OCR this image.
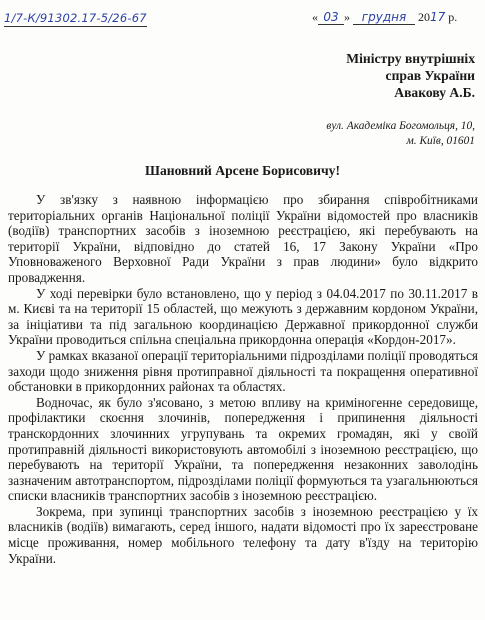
1/7-К/91302.17-5/26-67	« 03 » грудня 2017 р.
Міністру внутрішніх
справ України
Авакову А.Б.
вул. Академіка Богомольця, 10,
м. Київ, 01601
Шановний Арсене Борисовичу!

У зв'язку з наявною інформацією про збирання співробітниками територіальних органів Національної поліції України відомостей про власників (водіїв) транспортних засобів з іноземною реєстрацією, які перебувають на території України, відповідно до статей 16, 17 Закону України «Про Уповноваженого Верховної Ради України з прав людини» було відкрито провадження.

У ході перевірки було встановлено, що у період з 04.04.2017 по 30.11.2017 в м. Києві та на території 15 областей, що межують з державним кордоном України, за ініціативи та під загальною координацією Державної прикордонної служби України проводиться спільна спеціальна прикордонна операція «Кордон-2017».

У рамках вказаної операції територіальними підрозділами поліції проводяться заходи щодо зниження рівня протиправної діяльності та покращення оперативної обстановки в прикордонних районах та областях.

Водночас, як було з'ясовано, з метою впливу на криміногенне середовище, профілактики скоєння злочинів, попередження і припинення діяльності транскордонних злочинних угрупувань та окремих громадян, які у своїй протиправній діяльності використовують автомобілі з іноземною реєстрацією, що перебувають на території України, та попередження незаконних заволодінь зазначеним автотранспортом, підрозділами поліції формуються та узагальнюються списки власників транспортних засобів з іноземною реєстрацією.

Зокрема, при зупинці транспортних засобів з іноземною реєстрацією у їх власників (водіїв) вимагають, серед іншого, надати відомості про їх зареєстроване місце проживання, номер мобільного телефону та дату в'їзду на територію України.
